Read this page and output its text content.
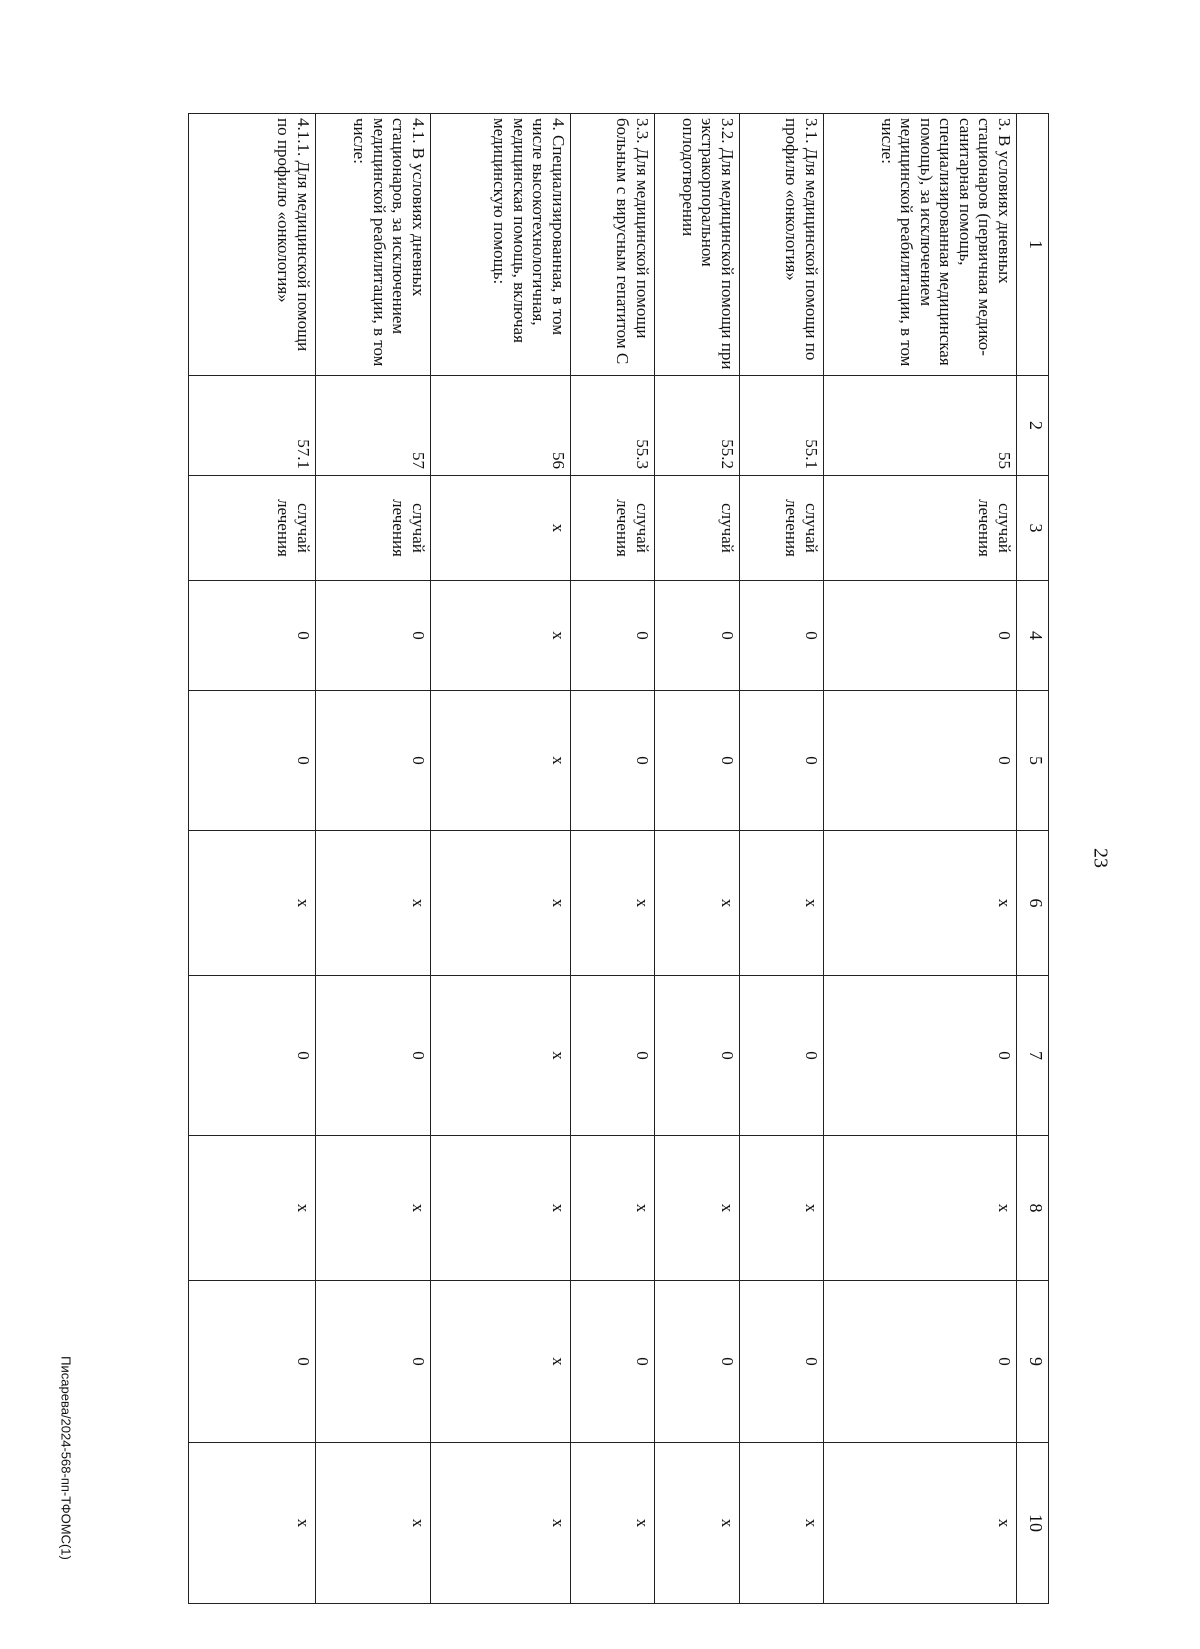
23
Писарева/2024-568-пп-ТФОМС(1)
1	2	3	4	5	6	7	8	9	10
3. В условиях дневных стационаров (первичная медико-санитарная помощь, специализированная медицинская помощь), за исключением медицинской реабилитации, в том числе:	55	случай лечения	0	0	x	0	x	0	x
3.1. Для медицинской помощи по профилю «онкология»	55.1	случай лечения	0	0	x	0	x	0	x
3.2. Для медицинской помощи при экстракорпоральном оплодотворении	55.2	случай	0	0	x	0	x	0	x
3.3. Для медицинской помощи больным с вирусным гепатитом С	55.3	случай лечения	0	0	x	0	x	0	x
4. Специализированная, в том числе высокотехнологичная, медицинская помощь, включая медицинскую помощь:	56	x	x	x	x	x	x	x	x
4.1. В условиях дневных стационаров, за исключением медицинской реабилитации, в том числе:	57	случай лечения	0	0	x	0	x	0	x
4.1.1. Для медицинской помощи по профилю «онкология»	57.1	случай лечения	0	0	x	0	x	0	x
